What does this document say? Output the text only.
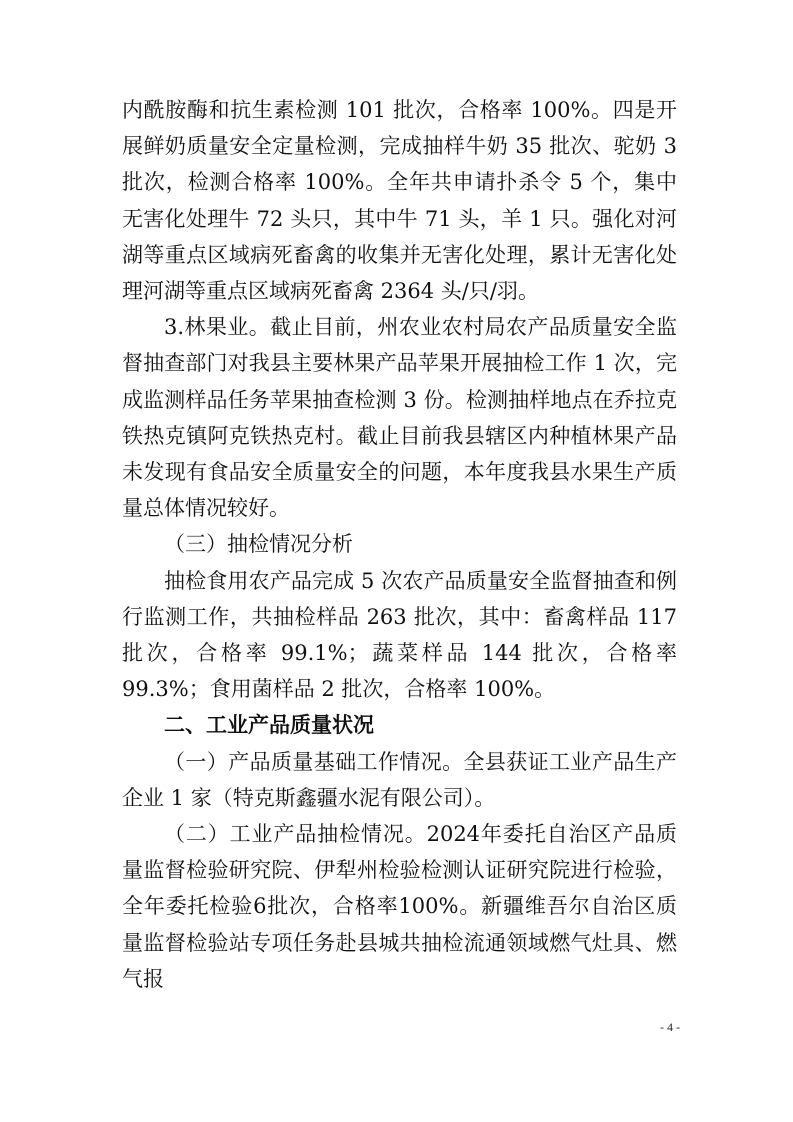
内酰胺酶和抗生素检测 101 批次，合格率 100%。四是开展鲜奶质量安全定量检测，完成抽样牛奶 35 批次、驼奶 3 批次，检测合格率 100%。全年共申请扑杀令 5 个，集中无害化处理牛 72 头只，其中牛 71 头，羊 1 只。强化对河湖等重点区域病死畜禽的收集并无害化处理，累计无害化处理河湖等重点区域病死畜禽 2364 头/只/羽。

3.林果业。截止目前，州农业农村局农产品质量安全监督抽查部门对我县主要林果产品苹果开展抽检工作 1 次，完成监测样品任务苹果抽查检测 3 份。检测抽样地点在乔拉克铁热克镇阿克铁热克村。截止目前我县辖区内种植林果产品未发现有食品安全质量安全的问题，本年度我县水果生产质量总体情况较好。

（三）抽检情况分析

抽检食用农产品完成 5 次农产品质量安全监督抽查和例行监测工作，共抽检样品 263 批次，其中：畜禽样品 117 批次，合格率 99.1%；蔬菜样品 144 批次，合格率 99.3%；食用菌样品 2 批次，合格率 100%。

二、工业产品质量状况

（一）产品质量基础工作情况。全县获证工业产品生产企业 1 家（特克斯鑫疆水泥有限公司）。

（二）工业产品抽检情况。2024年委托自治区产品质量监督检验研究院、伊犁州检验检测认证研究院进行检验，全年委托检验6批次，合格率100%。新疆维吾尔自治区质量监督检验站专项任务赴县城共抽检流通领域燃气灶具、燃气报

- 4 -
